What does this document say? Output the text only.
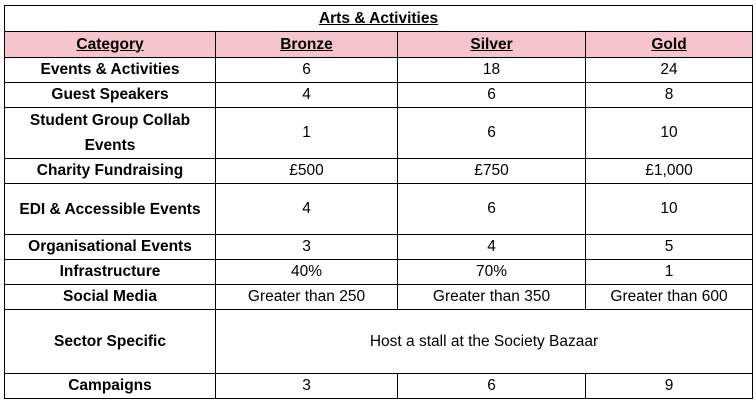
Arts & Activities			
Category	Bronze	Silver	Gold
Events & Activities	6	18	24
Guest Speakers	4	6	8
Student Group Collab Events	1	6	10
Charity Fundraising	£500	£750	£1,000
EDI & Accessible Events	4	6	10
Organisational Events	3	4	5
Infrastructure	40%	70%	1
Social Media	Greater than 250	Greater than 350	Greater than 600
Sector Specific	Host a stall at the Society Bazaar		
Campaigns	3	6	9
